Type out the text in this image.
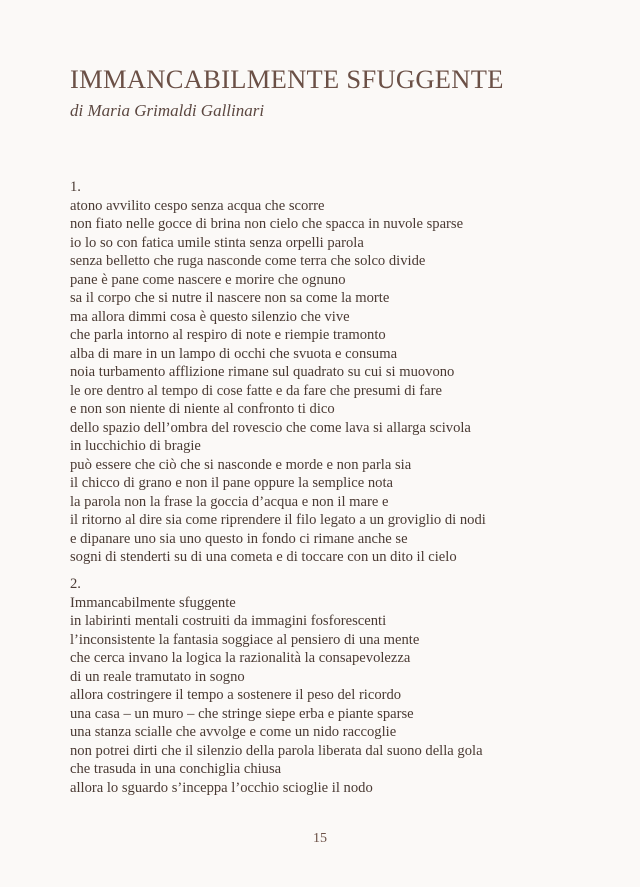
IMMANCABILMENTE SFUGGENTE

di Maria Grimaldi Gallinari

1.
atono avvilito cespo senza acqua che scorre
non fiato nelle gocce di brina non cielo che spacca in nuvole sparse
io lo so con fatica umile stinta senza orpelli parola
senza belletto che ruga nasconde come terra che solco divide
pane è pane come nascere e morire che ognuno
sa il corpo che si nutre il nascere non sa come la morte
ma allora dimmi cosa è questo silenzio che vive
che parla intorno al respiro di note e riempie tramonto
alba di mare in un lampo di occhi che svuota e consuma
noia turbamento afflizione rimane sul quadrato su cui si muovono
le ore dentro al tempo di cose fatte e da fare che presumi di fare
e non son niente di niente al confronto ti dico
dello spazio dell’ombra del rovescio che come lava si allarga scivola
in lucchichio di bragie
può essere che ciò che si nasconde e morde e non parla sia
il chicco di grano e non il pane oppure la semplice nota
la parola non la frase la goccia d’acqua e non il mare e
il ritorno al dire sia come riprendere il filo legato a un groviglio di nodi
e dipanare uno sia uno questo in fondo ci rimane anche se
sogni di stenderti su di una cometa e di toccare con un dito il cielo
2.
Immancabilmente sfuggente
in labirinti mentali costruiti da immagini fosforescenti
l’inconsistente la fantasia soggiace al pensiero di una mente
che cerca invano la logica la razionalità la consapevolezza
di un reale tramutato in sogno
allora costringere il tempo a sostenere il peso del ricordo
una casa – un muro – che stringe siepe erba e piante sparse
una stanza scialle che avvolge e come un nido raccoglie
non potrei dirti che il silenzio della parola liberata dal suono della gola
che trasuda in una conchiglia chiusa
allora lo sguardo s’inceppa l’occhio scioglie il nodo
15
